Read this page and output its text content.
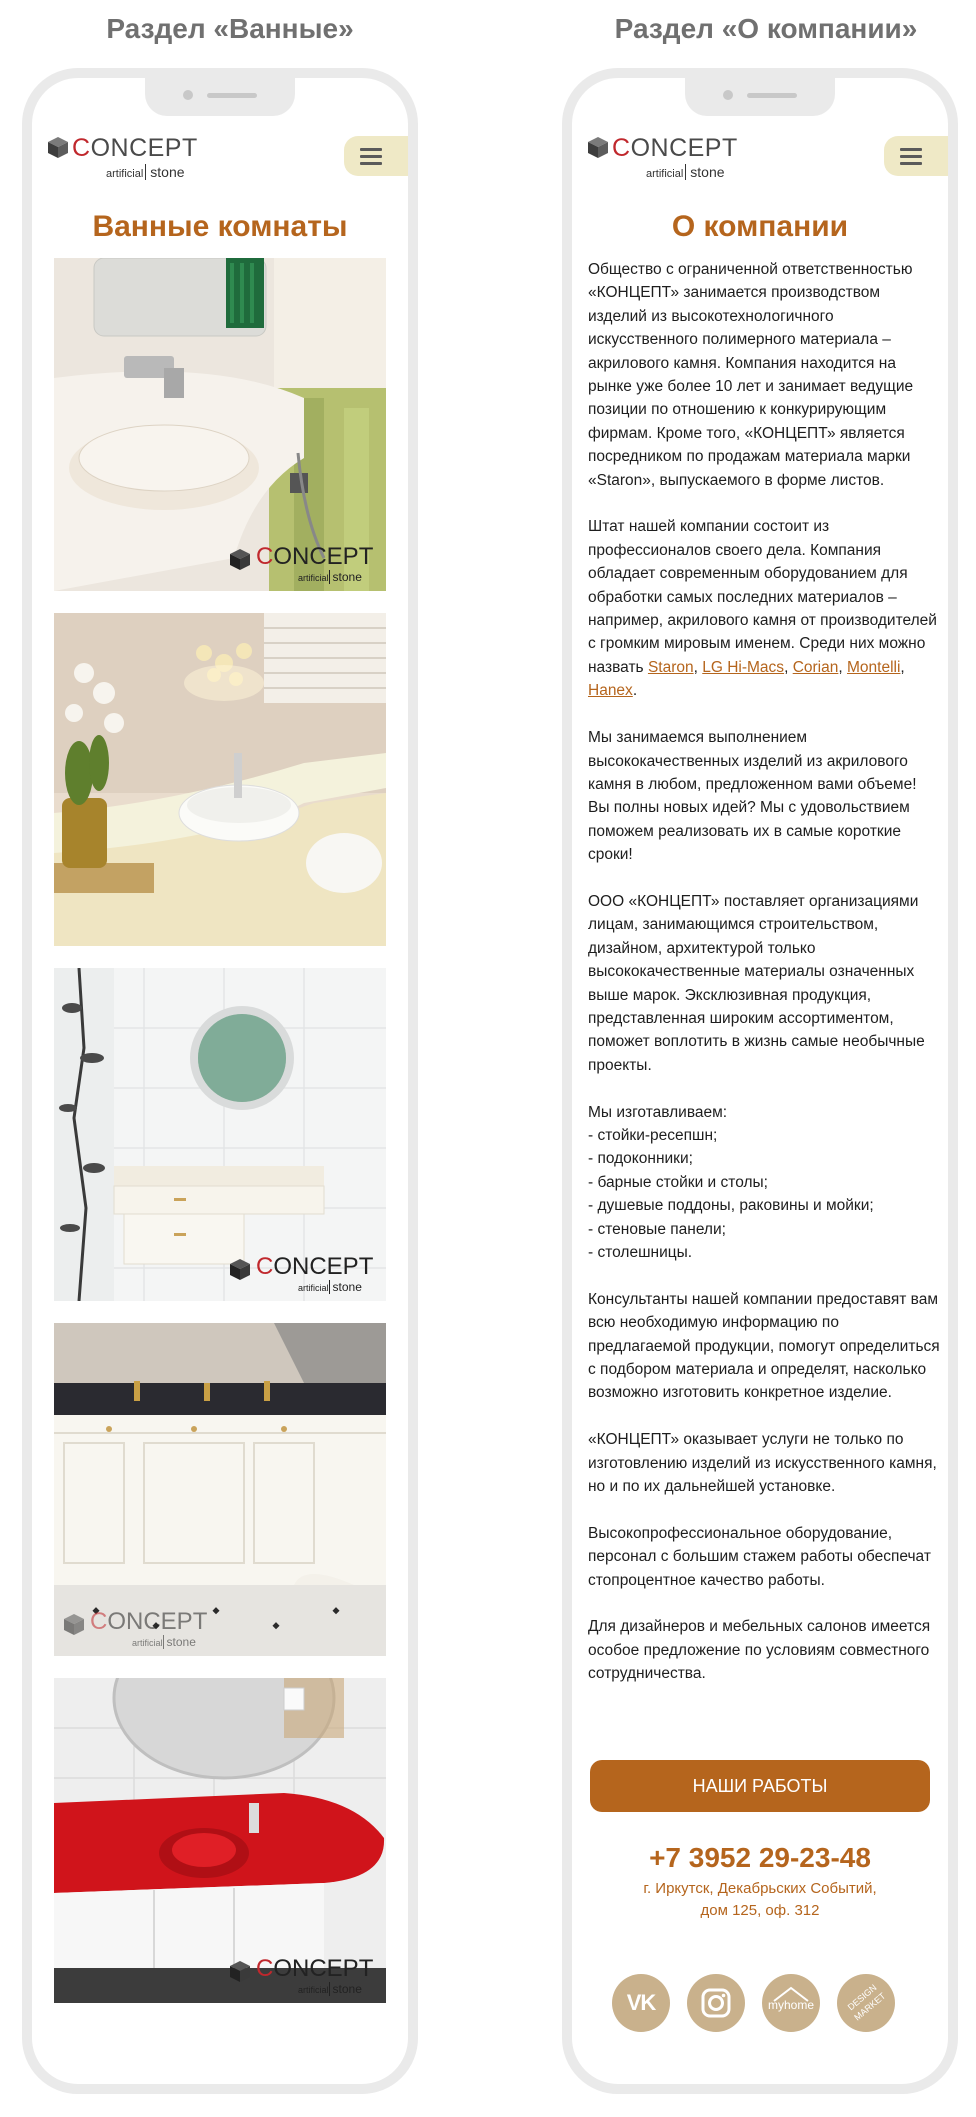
Раздел «Ванные»	Раздел «О компании»
CONCEPT
artificial stone
Ванные комнаты
CONCEPT
artificial stone
CONCEPT
artificial stone
CONCEPT
artificial stone
CONCEPT
artificial stone
CONCEPT
artificial stone
О компании

Общество с ограниченной ответственностью «КОНЦЕПТ» занимается производством изделий из высокотехнологичного искусственного полимерного материала – акрилового камня. Компания находится на рынке уже более 10 лет и занимает ведущие позиции по отношению к конкурирующим фирмам. Кроме того, «КОНЦЕПТ» является посредником по продажам материала марки «Staron», выпускаемого в форме листов.

Штат нашей компании состоит из профессионалов своего дела. Компания обладает современным оборудованием для обработки самых последних материалов – например, акрилового камня от производителей с громким мировым именем. Среди них можно назвать Staron, LG Hi-Macs, Corian, Montelli, Hanex.

Мы занимаемся выполнением высококачественных изделий из акрилового камня в любом, предложенном вами объеме! Вы полны новых идей? Мы с удовольствием поможем реализовать их в самые короткие сроки!

ООО «КОНЦЕПТ» поставляет организациями лицам, занимающимся строительством, дизайном, архитектурой только высококачественные материалы означенных выше марок. Эксклюзивная продукция, представленная широким ассортиментом, поможет воплотить в жизнь самые необычные проекты.

Мы изготавливаем:
- стойки-ресепшн;
- подоконники;
- барные стойки и столы;
- душевые поддоны, раковины и мойки;
- стеновые панели;
- столешницы.

Консультанты нашей компании предоставят вам всю необходимую информацию по предлагаемой продукции, помогут определиться с подбором материала и определят, насколько возможно изготовить конкретное изделие.

«КОНЦЕПТ» оказывает услуги не только по изготовлению изделий из искусственного камня, но и по их дальнейшей установке.

Высокопрофессиональное оборудование, персонал с большим стажем работы обеспечат стопроцентное качество работы.

Для дизайнеров и мебельных салонов имеется особое предложение по условиям совместного сотрудничества.

НАШИ РАБОТЫ
+7 3952 29-23-48
г. Иркутск, Декабрьских Событий,
дом 125, оф. 312
VK	myhome	DESIGN MARKET
